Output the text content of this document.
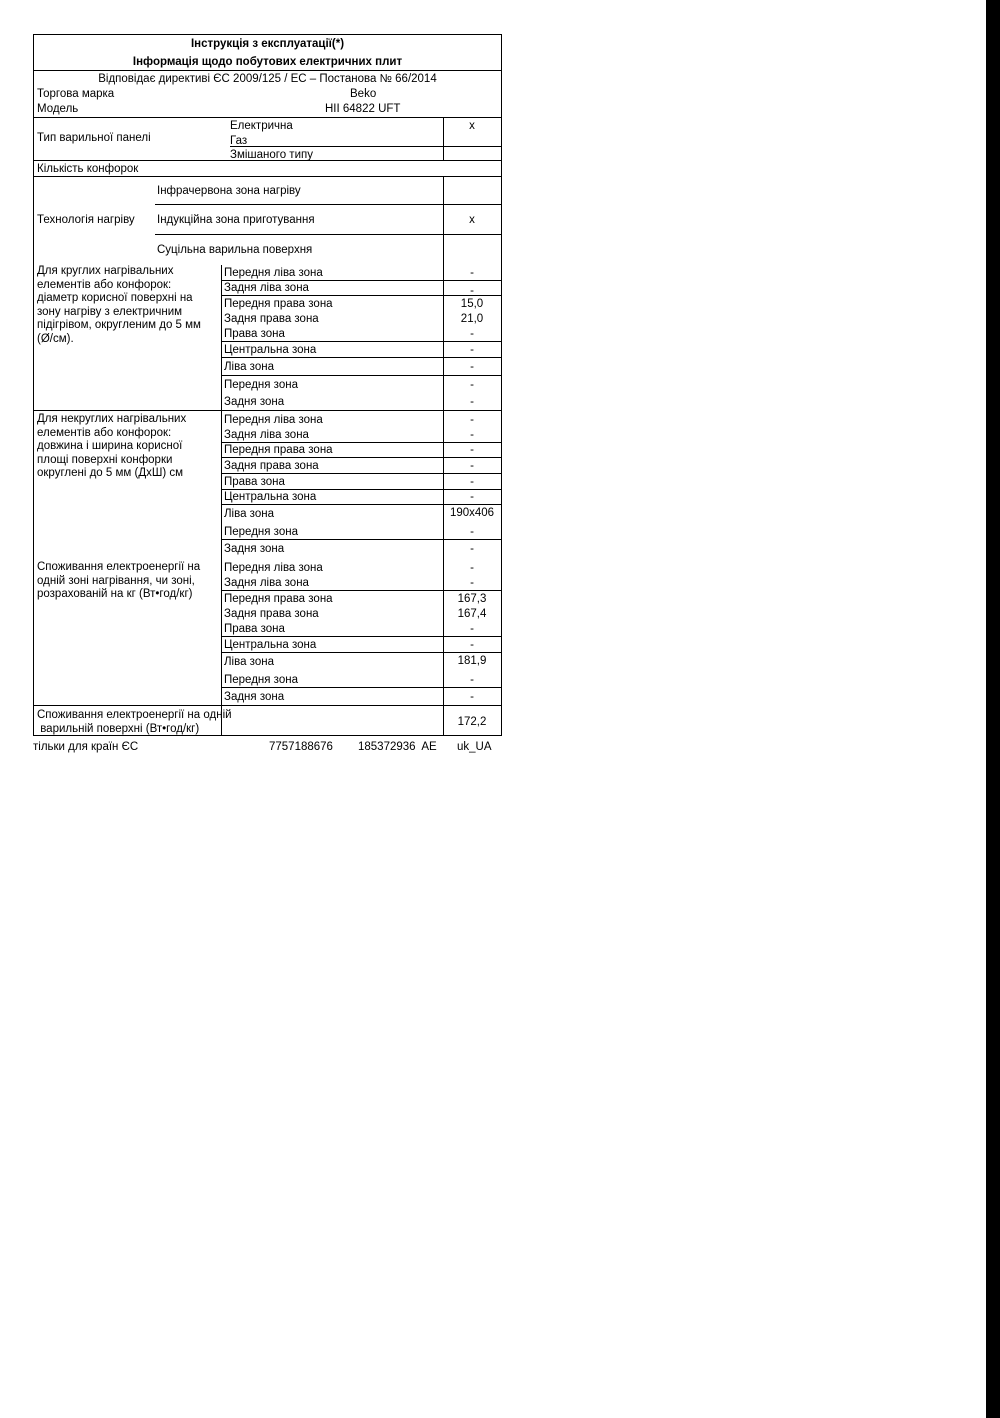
Інструкція з експлуатації(*)
Інформація щодо побутових електричних плит
Відповідає директиві ЄС 2009/125 / ЕС – Постанова № 66/2014
Торгова марка	Beko
Модель	HII 64822 UFT
Тип варильної панелі
Електрична	x
Газ
Змішаного типу
Кількість конфорок
Технологія нагріву
Інфрачервона зона нагріву
Індукційна зона приготування	x
Суцільна варильна поверхня
Для круглих нагрівальних
елементів або конфорок:
діаметр корисної поверхні на
зону нагріву з електричним
підігрівом, округленим до 5 мм
(Ø/см).
Передня ліва зона	-
Задня ліва зона	-
Передня права зона	15,0
Задня права зона	21,0
Права зона	-
Центральна зона	-
Ліва зона	-
Передня зона	-
Задня зона	-
Для некруглих нагрівальних
елементів або конфорок:
довжина і ширина корисної
площі поверхні конфорки
округлені до 5 мм (ДхШ) см
Передня ліва зона	-
Задня ліва зона	-
Передня права зона	-
Задня права зона	-
Права зона	-
Центральна зона	-
Ліва зона	190x406
Передня зона	-
Задня зона	-
Споживання електроенергії на
одній зоні нагрівання, чи зоні,
розрахованій на кг (Вт•год/кг)
Передня ліва зона	-
Задня ліва зона	-
Передня права зона	167,3
Задня права зона	167,4
Права зона	-
Центральна зона	-
Ліва зона	181,9
Передня зона	-
Задня зона	-
Споживання електроенергії на одній
варильній поверхні (Вт•год/кг)
172,2
тільки для країн ЄС	7757188676 185372936  AE uk_UA
